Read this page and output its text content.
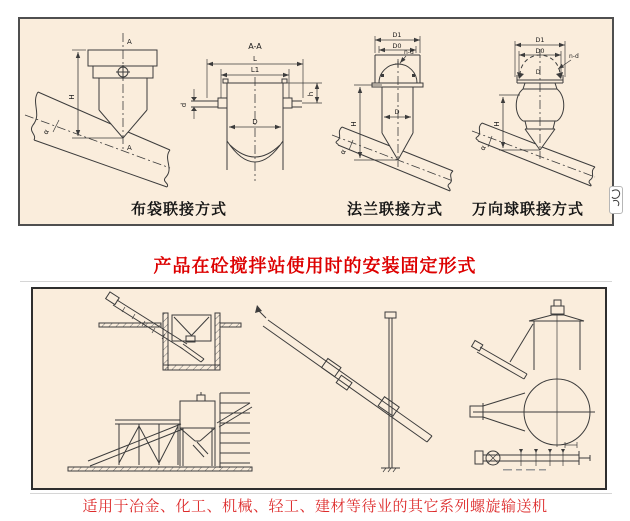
A
H
A
α
A-A
L
L1
d
h
D
D1
D0
n-d
D
H
α
D1
D0
D
n-d
H
α
布袋联接方式	法兰联接方式	万向球联接方式
产品在砼搅拌站使用时的安装固定形式
适用于冶金、化工、机械、轻工、建材等待业的其它系列螺旋输送机
